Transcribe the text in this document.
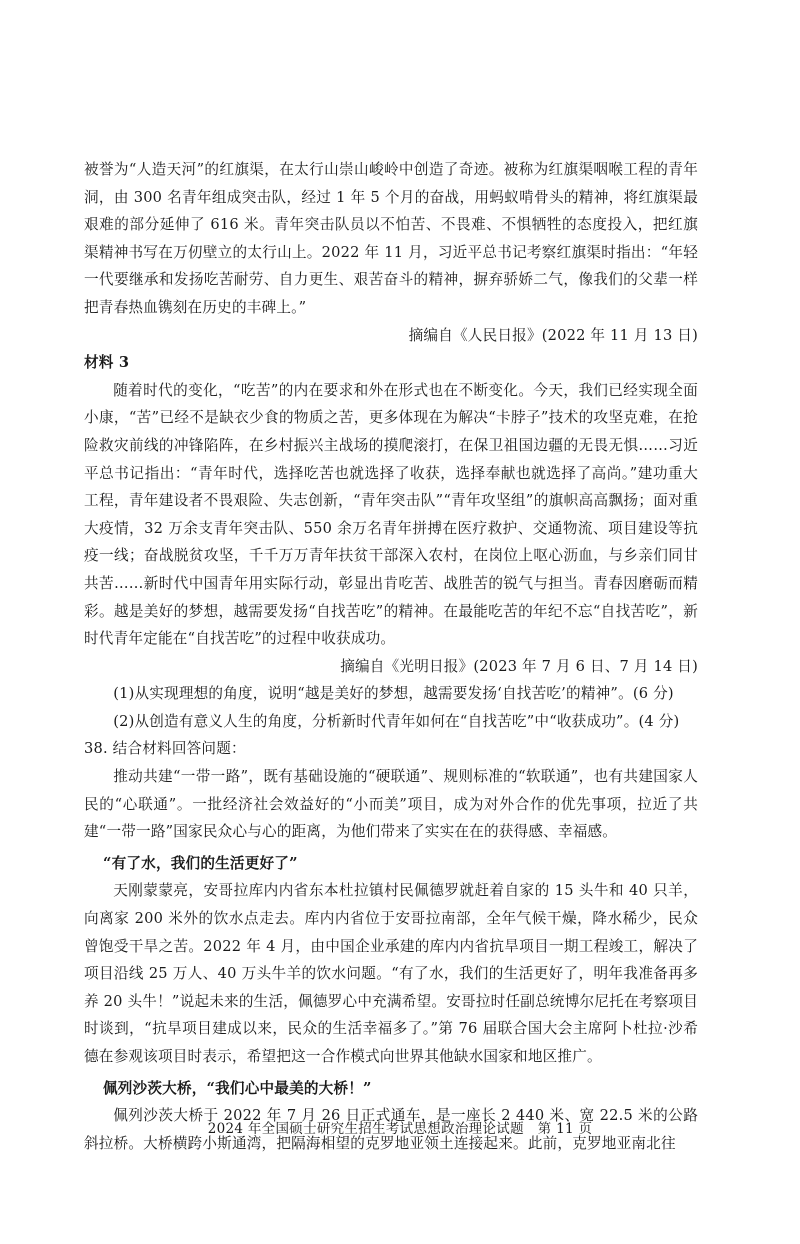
被誉为“人造天河”的红旗渠，在太行山崇山峻岭中创造了奇迹。被称为红旗渠咽喉工程的青年洞，由 300 名青年组成突击队，经过 1 年 5 个月的奋战，用蚂蚁啃骨头的精神，将红旗渠最艰难的部分延伸了 616 米。青年突击队员以不怕苦、不畏难、不惧牺牲的态度投入，把红旗渠精神书写在万仞壁立的太行山上。2022 年 11 月，习近平总书记考察红旗渠时指出：“年轻一代要继承和发扬吃苦耐劳、自力更生、艰苦奋斗的精神，摒弃骄娇二气，像我们的父辈一样把青春热血镌刻在历史的丰碑上。”

摘编自《人民日报》(2022 年 11 月 13 日)

材料 3

随着时代的变化，“吃苦”的内在要求和外在形式也在不断变化。今天，我们已经实现全面小康，“苦”已经不是缺衣少食的物质之苦，更多体现在为解决“卡脖子”技术的攻坚克难，在抢险救灾前线的冲锋陷阵，在乡村振兴主战场的摸爬滚打，在保卫祖国边疆的无畏无惧……习近平总书记指出：“青年时代，选择吃苦也就选择了收获，选择奉献也就选择了高尚。”建功重大工程，青年建设者不畏艰险、失志创新，“青年突击队”“青年攻坚组”的旗帜高高飘扬；面对重大疫情，32 万余支青年突击队、550 余万名青年拼搏在医疗救护、交通物流、项目建设等抗疫一线；奋战脱贫攻坚，千千万万青年扶贫干部深入农村，在岗位上呕心沥血，与乡亲们同甘共苦……新时代中国青年用实际行动，彰显出肯吃苦、战胜苦的锐气与担当。青春因磨砺而精彩。越是美好的梦想，越需要发扬“自找苦吃”的精神。在最能吃苦的年纪不忘“自找苦吃”，新时代青年定能在“自找苦吃”的过程中收获成功。

摘编自《光明日报》(2023 年 7 月 6 日、7 月 14 日)

(1)从实现理想的角度，说明“越是美好的梦想，越需要发扬‘自找苦吃’的精神”。(6 分)

(2)从创造有意义人生的角度，分析新时代青年如何在“自找苦吃”中“收获成功”。(4 分)

38. 结合材料回答问题：

推动共建“一带一路”，既有基础设施的“硬联通”、规则标准的“软联通”，也有共建国家人民的“心联通”。一批经济社会效益好的“小而美”项目，成为对外合作的优先事项，拉近了共建“一带一路”国家民众心与心的距离，为他们带来了实实在在的获得感、幸福感。

“有了水，我们的生活更好了”

天刚蒙蒙亮，安哥拉库内内省东本杜拉镇村民佩德罗就赶着自家的 15 头牛和 40 只羊，向离家 200 米外的饮水点走去。库内内省位于安哥拉南部，全年气候干燥，降水稀少，民众曾饱受干旱之苦。2022 年 4 月，由中国企业承建的库内内省抗旱项目一期工程竣工，解决了项目沿线 25 万人、40 万头牛羊的饮水问题。“有了水，我们的生活更好了，明年我准备再多养 20 头牛！”说起未来的生活，佩德罗心中充满希望。安哥拉时任副总统博尔尼托在考察项目时谈到，“抗旱项目建成以来，民众的生活幸福多了。”第 76 届联合国大会主席阿卜杜拉·沙希德在参观该项目时表示，希望把这一合作模式向世界其他缺水国家和地区推广。

佩列沙茨大桥，“我们心中最美的大桥！”

佩列沙茨大桥于 2022 年 7 月 26 日正式通车，是一座长 2 440 米、宽 22.5 米的公路斜拉桥。大桥横跨小斯通湾，把隔海相望的克罗地亚领土连接起来。此前，克罗地亚南北往

2024 年全国硕士研究生招生考试思想政治理论试题　第 11 页
